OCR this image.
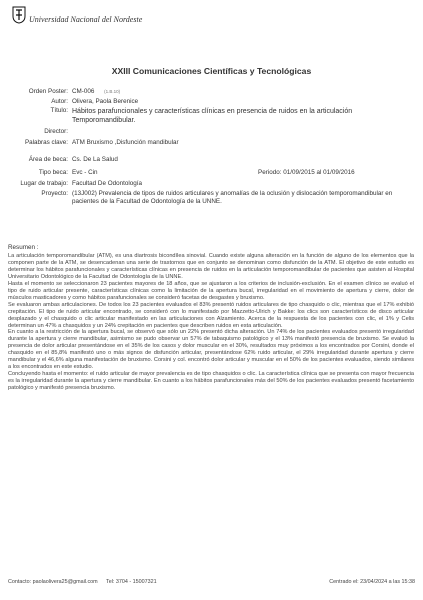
Universidad Nacional del Nordeste
XXIII Comunicaciones Científicas y Tecnológicas
Orden Poster: CM-006 (1.B.10)
Autor: Olivera, Paola Berenice
Título: Hábitos parafuncionales y características clínicas en presencia de ruidos en la articulación Temporomandibular.
Director:
Palabras clave: ATM Bruxismo ,Disfunción mandibular
Área de beca: Cs. De La Salud
Tipo beca: Evc - Cin	Periodo: 01/09/2015 al 01/09/2016
Lugar de trabajo: Facultad De Odontología
Proyecto: (13J002) Prevalencia de tipos de ruidos articulares y anomalías de la oclusión y dislocación temporomandibular en pacientes de la Facultad de Odontología de la UNNE.
Resumen :

La articulación temporomandibular (ATM), es una diartrosis bicondílea sinovial. Cuando existe alguna alteración en la función de alguno de los elementos que la componen parte de la ATM, se desencadenan una serie de trastornos que en conjunto se denominan como disfunción de la ATM. El objetivo de este estudio es determinar los hábitos parafuncionales y características clínicas en presencia de ruidos en la articulación temporomandibular de pacientes que asisten al Hospital Universitario Odontológico de la Facultad de Odontología de la UNNE.

Hasta el momento se seleccionaron 23 pacientes mayores de 18 años, que se ajustaron a los criterios de inclusión-exclusión. En el examen clínico se evaluó el tipo de ruido articular presente, características clínicas como la limitación de la apertura bucal, irregularidad en el movimiento de apertura y cierre, dolor de músculos masticadores y como hábitos parafuncionales se consideró facetas de desgastes y bruxismo.

Se evaluaron ambas articulaciones. De todos los 23 pacientes evaluados el 83% presentó ruidos articulares de tipo chasquido o clic, mientras que el 17% exhibió crepitación. El tipo de ruido articular encontrado, se consideró con lo manifestado por Mazzetto-Ulrich y Bakke: los clics son característicos de disco articular desplazado y el chasquido o clic articular manifestado en las articulaciones con Alzamiento. Acerca de la respuesta de los pacientes con clic, el 1% y Celis determinan un 47% a chasquidos y un 24% crepitación en pacientes que describen ruidos en esta articulación.

En cuanto a la restricción de la apertura bucal, se observó que sólo un 22% presentó dicha alteración. Un 74% de los pacientes evaluados presentó irregularidad durante la apertura y cierre mandibular, asimismo se pudo observar un 57% de tabaquismo patológico y el 13% manifestó presencia de bruxismo. Se evaluó la presencia de dolor articular presentándose en el 35% de los casos y dolor muscular en el 30%, resultados muy próximos a los encontrados por Corsini, donde el chasquido en el 85,8% manifestó uno o más signos de disfunción articular, presentándose 62% ruido articular, el 29% irregularidad durante apertura y cierre mandibular y el 46,6% alguna manifestación de bruxismo. Corsini y col. encontró dolor articular y muscular en el 50% de los pacientes evaluados, siendo similares a los encontrados en este estudio.

Concluyendo hasta el momento: el ruido articular de mayor prevalencia es de tipo chasquidos o clic. La característica clínica que se presenta con mayor frecuencia es la irregularidad durante la apertura y cierre mandibular. En cuanto a los hábitos parafuncionales más del 50% de los pacientes evaluados presentó facetamiento patológico y manifestó presencia bruxismo.

Contacto: paolaolivera25@gmail.com	Tel: 3704 - 15007321	Centrado el: 23/04/2024 a las 15:38
